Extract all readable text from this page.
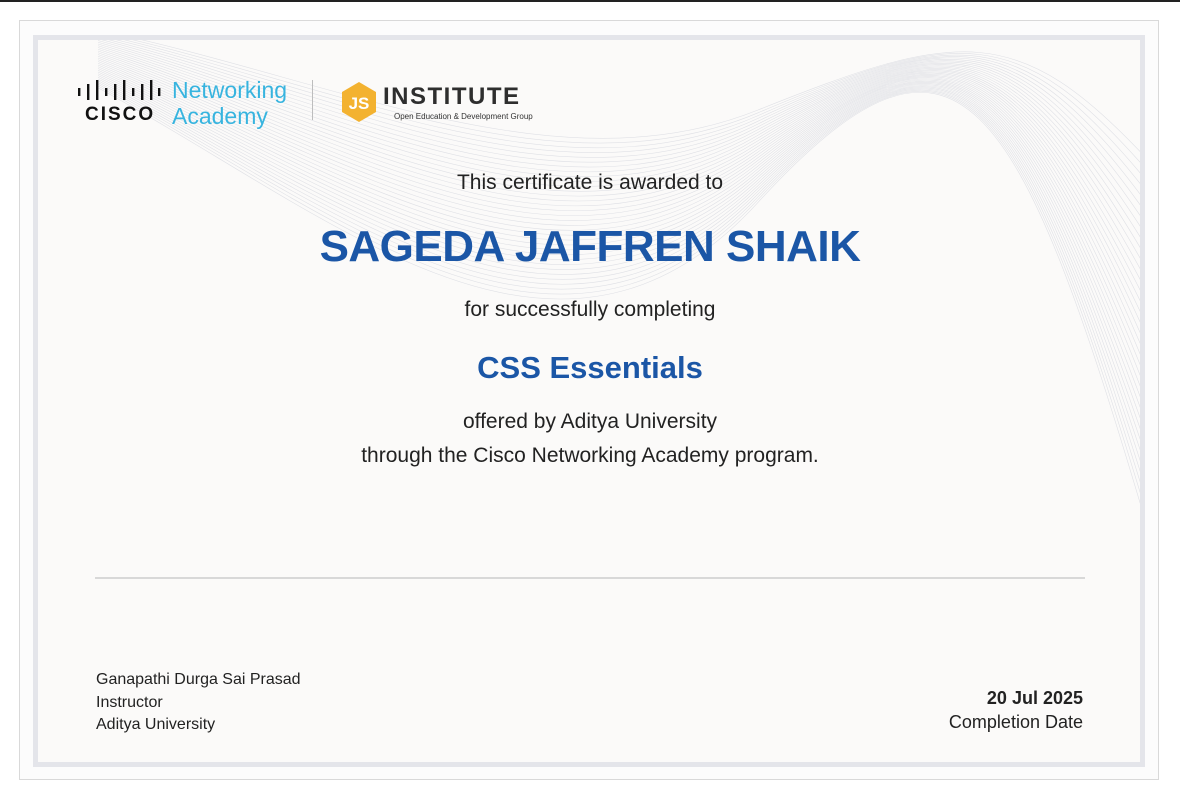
CISCO
Networking
Academy	JS INSTITUTE
Open Education & Development Group
This certificate is awarded to
SAGEDA JAFFREN SHAIK
for successfully completing
CSS Essentials
offered by Aditya University
through the Cisco Networking Academy program.
Ganapathi Durga Sai Prasad
Instructor
Aditya University
20 Jul 2025
Completion Date
